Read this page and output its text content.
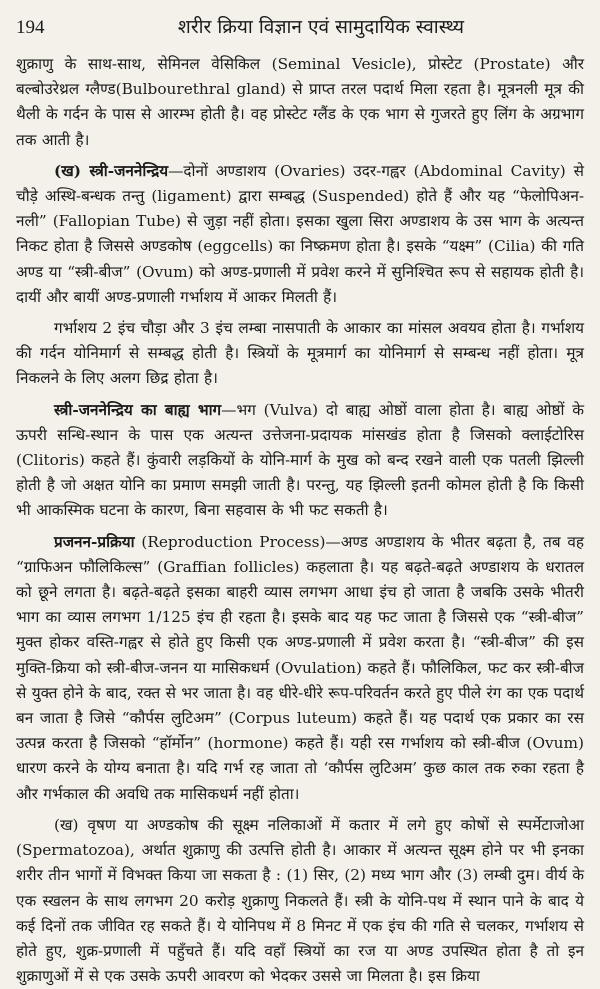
194	शरीर क्रिया विज्ञान एवं सामुदायिक स्वास्थ्य

शुक्राणु के साथ-साथ, सेमिनल वेसिकिल (Seminal Vesicle), प्रोस्टेट (Prostate) और बल्बोउरेथ्रल ग्लैण्ड(Bulbourethral gland) से प्राप्त तरल पदार्थ मिला रहता है। मूत्रनली मूत्र की थैली के गर्दन के पास से आरम्भ होती है। वह प्रोस्टेट ग्लैंड के एक भाग से गुजरते हुए लिंग के अग्रभाग तक आती है।

(ख) स्त्री-जननेन्द्रिय—दोनों अण्डाशय (Ovaries) उदर-गह्वर (Abdominal Cavity) से चौड़े अस्थि-बन्धक तन्तु (ligament) द्वारा सम्बद्ध (Suspended) होते हैं और यह “फेलोपिअन-नली” (Fallopian Tube) से जुड़ा नहीं होता। इसका खुला सिरा अण्डाशय के उस भाग के अत्यन्त निकट होता है जिससे अण्डकोष (eggcells) का निष्क्रमण होता है। इसके “यक्ष्म” (Cilia) की गति अण्ड या “स्त्री-बीज” (Ovum) को अण्ड-प्रणाली में प्रवेश करने में सुनिश्चित रूप से सहायक होती है। दायीं और बायीं अण्ड-प्रणाली गर्भाशय में आकर मिलती हैं।

गर्भाशय 2 इंच चौड़ा और 3 इंच लम्बा नासपाती के आकार का मांसल अवयव होता है। गर्भाशय की गर्दन योनिमार्ग से सम्बद्ध होती है। स्त्रियों के मूत्रमार्ग का योनिमार्ग से सम्बन्ध नहीं होता। मूत्र निकलने के लिए अलग छिद्र होता है।

स्त्री-जननेन्द्रिय का बाह्य भाग—भग (Vulva) दो बाह्य ओष्ठों वाला होता है। बाह्य ओष्ठों के ऊपरी सन्धि-स्थान के पास एक अत्यन्त उत्तेजना-प्रदायक मांसखंड होता है जिसको क्लाईटोरिस (Clitoris) कहते हैं। कुंवारी लड़कियों के योनि-मार्ग के मुख को बन्द रखने वाली एक पतली झिल्ली होती है जो अक्षत योनि का प्रमाण समझी जाती है। परन्तु, यह झिल्ली इतनी कोमल होती है कि किसी भी आकस्मिक घटना के कारण, बिना सहवास के भी फट सकती है।

प्रजनन-प्रक्रिया (Reproduction Process)—अण्ड अण्डाशय के भीतर बढ़ता है, तब वह “ग्राफिअन फौलिकिल्स” (Graffian follicles) कहलाता है। यह बढ़ते-बढ़ते अण्डाशय के धरातल को छूने लगता है। बढ़ते-बढ़ते इसका बाहरी व्यास लगभग आधा इंच हो जाता है जबकि उसके भीतरी भाग का व्यास लगभग 1/125 इंच ही रहता है। इसके बाद यह फट जाता है जिससे एक “स्त्री-बीज” मुक्त होकर वस्ति-गह्वर से होते हुए किसी एक अण्ड-प्रणाली में प्रवेश करता है। “स्त्री-बीज” की इस मुक्ति-क्रिया को स्त्री-बीज-जनन या मासिकधर्म (Ovulation) कहते हैं। फौलिकिल, फट कर स्त्री-बीज से युक्त होने के बाद, रक्त से भर जाता है। वह धीरे-धीरे रूप-परिवर्तन करते हुए पीले रंग का एक पदार्थ बन जाता है जिसे “कौर्पस लुटिअम” (Corpus luteum) कहते हैं। यह पदार्थ एक प्रकार का रस उत्पन्न करता है जिसको “हॉर्मोन” (hormone) कहते हैं। यही रस गर्भाशय को स्त्री-बीज (Ovum) धारण करने के योग्य बनाता है। यदि गर्भ रह जाता तो ‘कौर्पस लुटिअम’ कुछ काल तक रुका रहता है और गर्भकाल की अवधि तक मासिकधर्म नहीं होता।

(ख) वृषण या अण्डकोष की सूक्ष्म नलिकाओं में कतार में लगे हुए कोषों से स्पर्मेटाजोआ (Spermatozoa), अर्थात शुक्राणु की उत्पत्ति होती है। आकार में अत्यन्त सूक्ष्म होने पर भी इनका शरीर तीन भागों में विभक्त किया जा सकता है : (1) सिर, (2) मध्य भाग और (3) लम्बी दुम। वीर्य के एक स्खलन के साथ लगभग 20 करोड़ शुक्राणु निकलते हैं। स्त्री के योनि-पथ में स्थान पाने के बाद ये कई दिनों तक जीवित रह सकते हैं। ये योनिपथ में 8 मिनट में एक इंच की गति से चलकर, गर्भाशय से होते हुए, शुक्र-प्रणाली में पहुँचते हैं। यदि वहाँ स्त्रियों का रज या अण्ड उपस्थित होता है तो इन शुक्राणुओं में से एक उसके ऊपरी आवरण को भेदकर उससे जा मिलता है। इस क्रिया
